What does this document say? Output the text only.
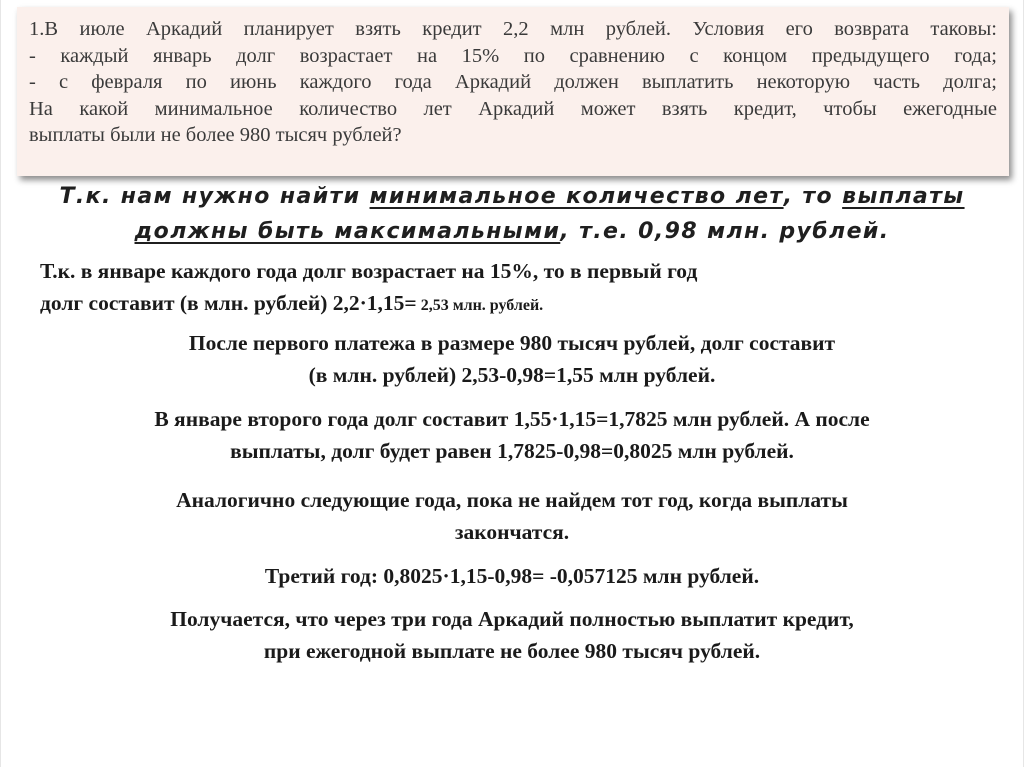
1.В июле Аркадий планирует взять кредит 2,2 млн рублей. Условия его возврата таковы:
- каждый январь долг возрастает на 15% по сравнению с концом предыдущего года;
- с февраля по июнь каждого года Аркадий должен выплатить некоторую часть долга;
На какой минимальное количество лет Аркадий может взять кредит, чтобы ежегодные
выплаты были не более 980 тысяч рублей?
Т.к. нам нужно найти минимальное количество лет, то выплаты
должны быть максимальными, т.е. 0,98 млн. рублей.
Т.к. в январе каждого года долг возрастает на 15%, то в первый год
долг составит (в млн. рублей) 2,2·1,15= 2,53 млн. рублей.
После первого платежа в размере 980 тысяч рублей, долг составит
(в млн. рублей) 2,53-0,98=1,55 млн рублей.
В январе второго года долг составит 1,55·1,15=1,7825 млн рублей. А после
выплаты, долг будет равен 1,7825-0,98=0,8025 млн рублей.
Аналогично следующие года, пока не найдем тот год, когда выплаты
закончатся.
Третий год: 0,8025·1,15-0,98= -0,057125 млн рублей.
Получается, что через три года Аркадий полностью выплатит кредит,
при ежегодной выплате не более 980 тысяч рублей.
